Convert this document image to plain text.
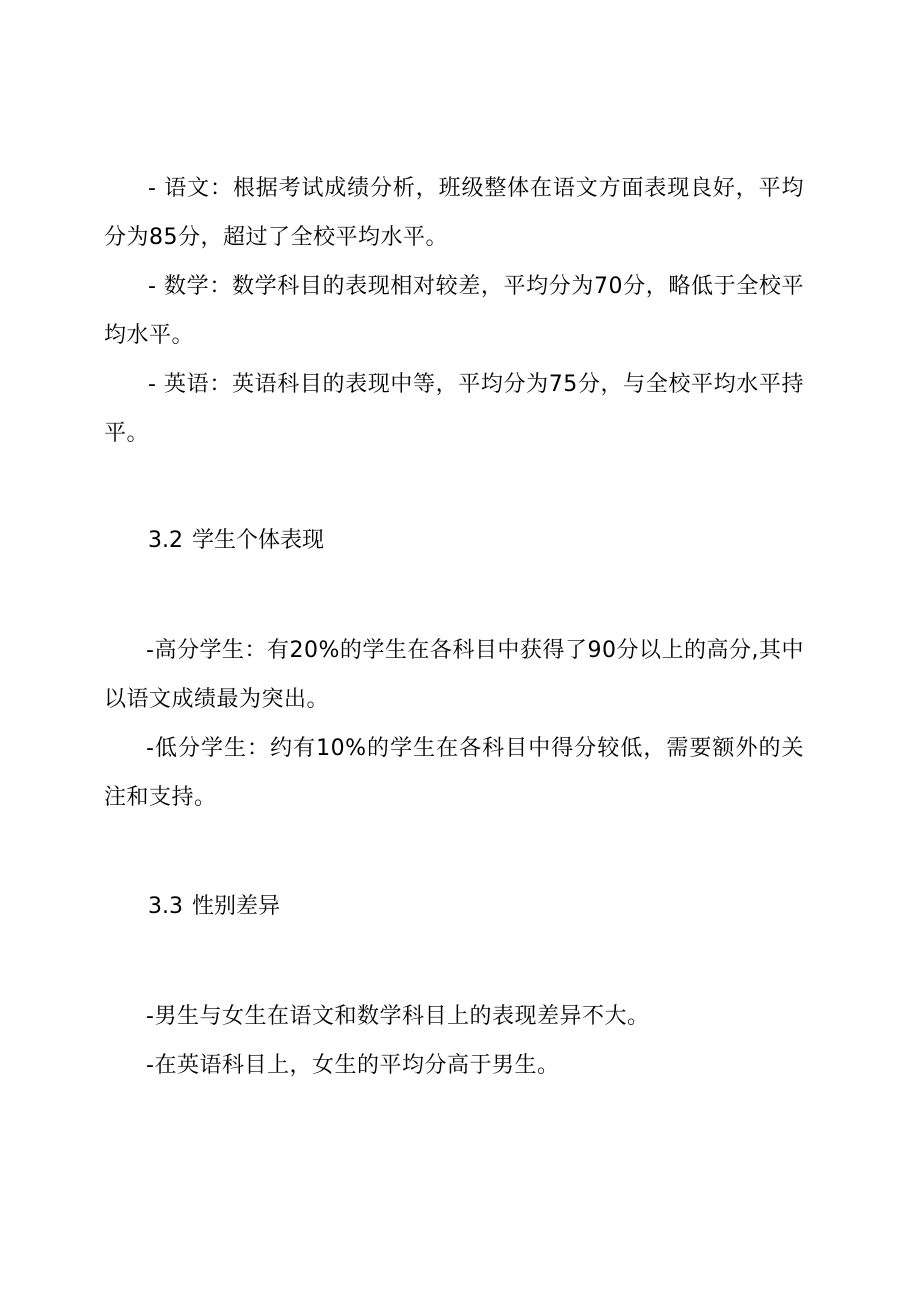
- 语文：根据考试成绩分析，班级整体在语文方面表现良好，平均分为85分，超过了全校平均水平。

- 数学：数学科目的表现相对较差，平均分为70分，略低于全校平均水平。

- 英语：英语科目的表现中等，平均分为75分，与全校平均水平持平。

3.2 学生个体表现

-高分学生：有20%的学生在各科目中获得了90分以上的高分,其中以语文成绩最为突出。

-低分学生：约有10%的学生在各科目中得分较低，需要额外的关注和支持。

3.3 性别差异

-男生与女生在语文和数学科目上的表现差异不大。

-在英语科目上，女生的平均分高于男生。
